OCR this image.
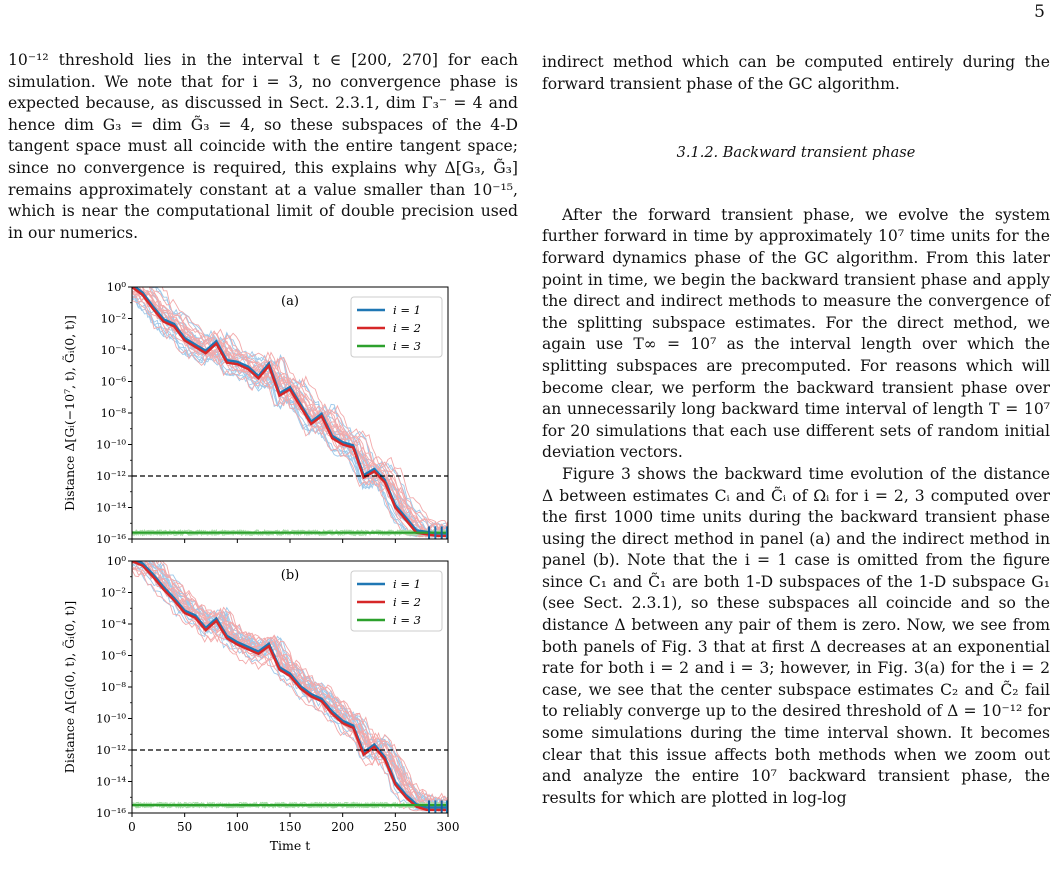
5

10⁻¹² threshold lies in the interval t ∈ [200, 270] for each simulation. We note that for i = 3, no convergence phase is expected because, as discussed in Sect. 2.3.1, dim Γ₃⁻ = 4 and hence dim G₃ = dim G̃₃ = 4, so these subspaces of the 4-D tangent space must all coincide with the entire tangent space; since no convergence is required, this explains why Δ[G₃, G̃₃] remains approximately constant at a value smaller than 10⁻¹⁵, which is near the computational limit of double precision used in our numerics.

indirect method which can be computed entirely during the forward transient phase of the GC algorithm.

3.1.2. Backward transient phase

After the forward transient phase, we evolve the system further forward in time by approximately 10⁷ time units for the forward dynamics phase of the GC algorithm. From this later point in time, we begin the backward transient phase and apply the direct and indirect methods to measure the convergence of the splitting subspace estimates. For the direct method, we again use T∞ = 10⁷ as the interval length over which the splitting subspaces are precomputed. For reasons which will become clear, we perform the backward transient phase over an unnecessarily long backward time interval of length T = 10⁷ for 20 simulations that each use different sets of random initial deviation vectors.

Figure 3 shows the backward time evolution of the distance Δ between estimates Cᵢ and C̃ᵢ of Ωᵢ for i = 2, 3 computed over the first 1000 time units during the backward transient phase using the direct method in panel (a) and the indirect method in panel (b). Note that the i = 1 case is omitted from the figure since C₁ and C̃₁ are both 1-D subspaces of the 1-D subspace G₁ (see Sect. 2.3.1), so these subspaces all coincide and so the distance Δ between any pair of them is zero. Now, we see from both panels of Fig. 3 that at first Δ decreases at an exponential rate for both i = 2 and i = 3; however, in Fig. 3(a) for the i = 2 case, we see that the center subspace estimates C₂ and C̃₂ fail to reliably converge up to the desired threshold of Δ = 10⁻¹² for some simulations during the time interval shown. It becomes clear that this issue affects both methods when we zoom out and analyze the entire 10⁷ backward transient phase, the results for which are plotted in log-log

10⁰
10⁻²
10⁻⁴
10⁻⁶
10⁻⁸
10⁻¹⁰
10⁻¹²
10⁻¹⁴
10⁻¹⁶
(a)
Distance Δ[Gᵢ(−10⁷, t), G̃ᵢ(0, t)]
i = 1
i = 2
i = 3
10⁰
10⁻²
10⁻⁴
10⁻⁶
10⁻⁸
10⁻¹⁰
10⁻¹²
10⁻¹⁴
10⁻¹⁶
0	50	100 150 200 250 300
(b)
Distance Δ[Gᵢ(0, t), G̃ᵢ(0, t)]
i = 1
i = 2
i = 3
Time t
